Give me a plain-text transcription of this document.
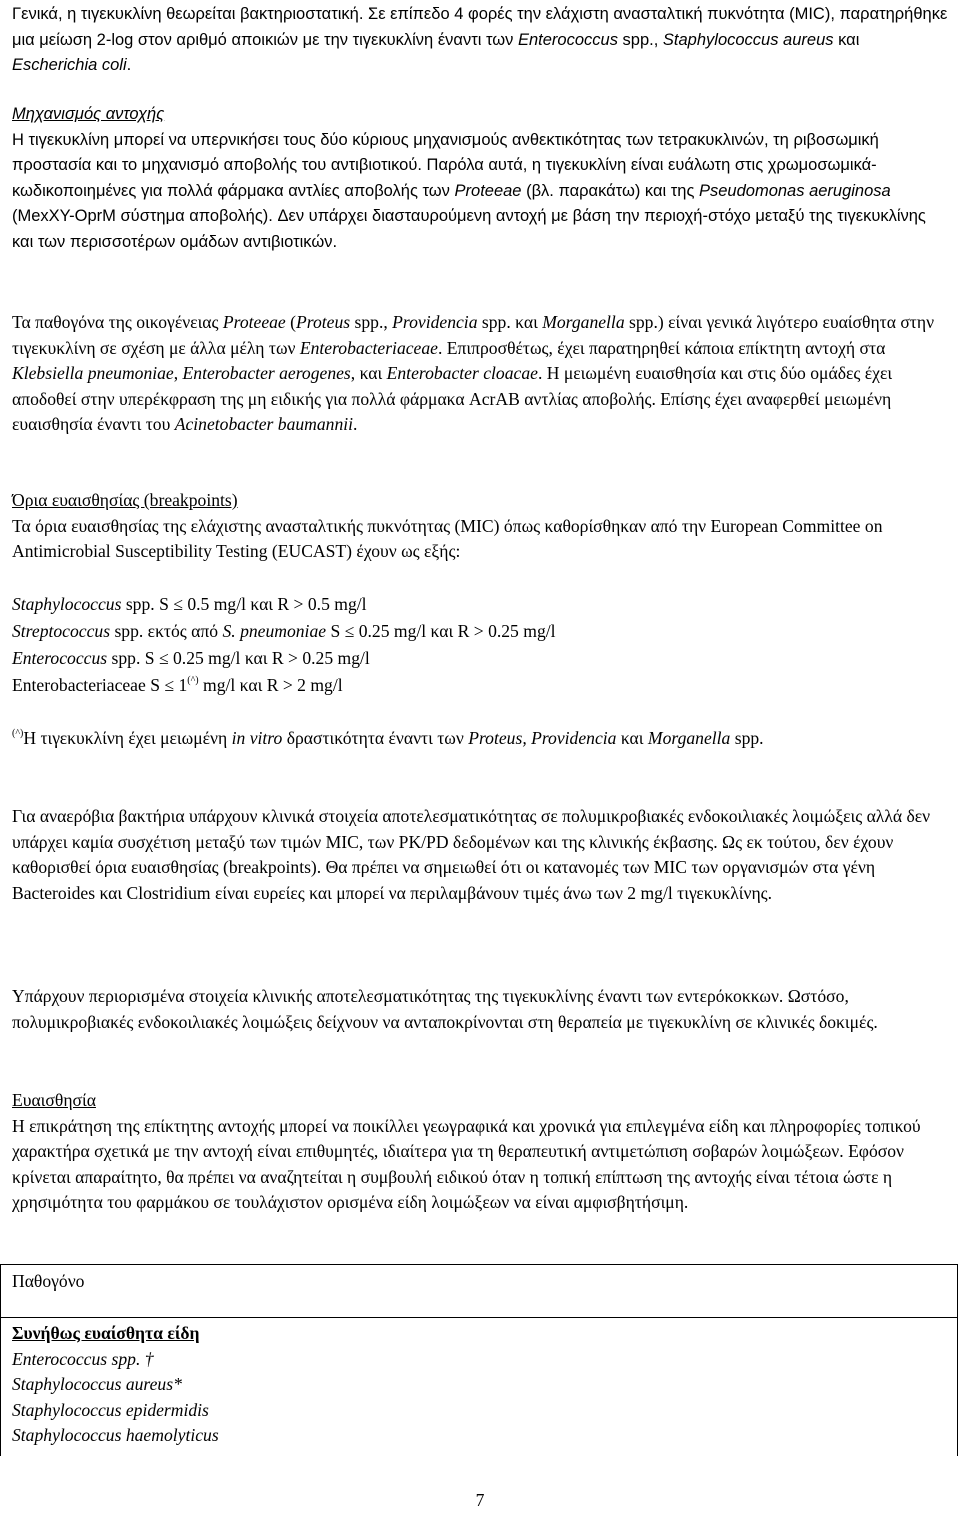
Γενικά, η τιγεκυκλίνη θεωρείται βακτηριοστατική. Σε επίπεδο 4 φορές την ελάχιστη ανασταλτική πυκνότητα (MIC), παρατηρήθηκε μια μείωση 2-log στον αριθμό αποικιών με την τιγεκυκλίνη έναντι των Enterococcus spp., Staphylococcus aureus και Escherichia coli.

Μηχανισμός αντοχής
Η τιγεκυκλίνη μπορεί να υπερνικήσει τους δύο κύριους μηχανισμούς ανθεκτικότητας των τετρακυκλινών, τη ριβοσωμική προστασία και το μηχανισμό αποβολής του αντιβιοτικού. Παρόλα αυτά, η τιγεκυκλίνη είναι ευάλωτη στις χρωμοσωμικά-κωδικοποιημένες για πολλά φάρμακα αντλίες αποβολής των Proteeae (βλ. παρακάτω) και της Pseudomonas aeruginosa (MexXY-OprM σύστημα αποβολής). Δεν υπάρχει διασταυρούμενη αντοχή με βάση την περιοχή-στόχο μεταξύ της τιγεκυκλίνης και των περισσοτέρων ομάδων αντιβιοτικών.

Τα παθογόνα της οικογένειας Proteeae (Proteus spp., Providencia spp. και Morganella spp.) είναι γενικά λιγότερο ευαίσθητα στην τιγεκυκλίνη σε σχέση με άλλα μέλη των Enterobacteriaceae. Επιπροσθέτως, έχει παρατηρηθεί κάποια επίκτητη αντοχή στα Klebsiella pneumoniae, Enterobacter aerogenes, και Enterobacter cloacae. Η μειωμένη ευαισθησία και στις δύο ομάδες έχει αποδοθεί στην υπερέκφραση της μη ειδικής για πολλά φάρμακα AcrAB αντλίας αποβολής. Επίσης έχει αναφερθεί μειωμένη ευαισθησία έναντι του Acinetobacter baumannii.

Όρια ευαισθησίας (breakpoints)
Τα όρια ευαισθησίας της ελάχιστης ανασταλτικής πυκνότητας (MIC) όπως καθορίσθηκαν από την European Committee on Antimicrobial Susceptibility Testing (EUCAST) έχουν ως εξής:
Staphylococcus spp. S ≤ 0.5 mg/l και R > 0.5 mg/l
Streptococcus spp. εκτός από S. pneumoniae S ≤ 0.25 mg/l και R > 0.25 mg/l
Enterococcus spp. S ≤ 0.25 mg/l και R > 0.25 mg/l
Enterobacteriaceae S ≤ 1(^) mg/l και R > 2 mg/l

(^)Η τιγεκυκλίνη έχει μειωμένη in vitro δραστικότητα έναντι των Proteus, Providencia και Morganella spp.

Για αναερόβια βακτήρια υπάρχουν κλινικά στοιχεία αποτελεσματικότητας σε πολυμικροβιακές ενδοκοιλιακές λοιμώξεις αλλά δεν υπάρχει καμία συσχέτιση μεταξύ των τιμών MIC, των PK/PD δεδομένων και της κλινικής έκβασης. Ως εκ τούτου, δεν έχουν καθορισθεί όρια ευαισθησίας (breakpoints). Θα πρέπει να σημειωθεί ότι οι κατανομές των MIC των οργανισμών στα γένη Bacteroides και Clostridium είναι ευρείες και μπορεί να περιλαμβάνουν τιμές άνω των 2 mg/l τιγεκυκλίνης.

Υπάρχουν περιορισμένα στοιχεία κλινικής αποτελεσματικότητας της τιγεκυκλίνης έναντι των εντερόκοκκων. Ωστόσο, πολυμικροβιακές ενδοκοιλιακές λοιμώξεις δείχνουν να ανταποκρίνονται στη θεραπεία με τιγεκυκλίνη σε κλινικές δοκιμές.

Ευαισθησία
Η επικράτηση της επίκτητης αντοχής μπορεί να ποικίλλει γεωγραφικά και χρονικά για επιλεγμένα είδη και πληροφορίες τοπικού χαρακτήρα σχετικά με την αντοχή είναι επιθυμητές, ιδιαίτερα για τη θεραπευτική αντιμετώπιση σοβαρών λοιμώξεων. Εφόσον κρίνεται απαραίτητο, θα πρέπει να αναζητείται η συμβουλή ειδικού όταν η τοπική επίπτωση της αντοχής είναι τέτοια ώστε η χρησιμότητα του φαρμάκου σε τουλάχιστον ορισμένα είδη λοιμώξεων να είναι αμφισβητήσιμη.
Παθογόνο
Συνήθως ευαίσθητα είδη
Enterococcus spp. †
Staphylococcus aureus*
Staphylococcus epidermidis
Staphylococcus haemolyticus
7
